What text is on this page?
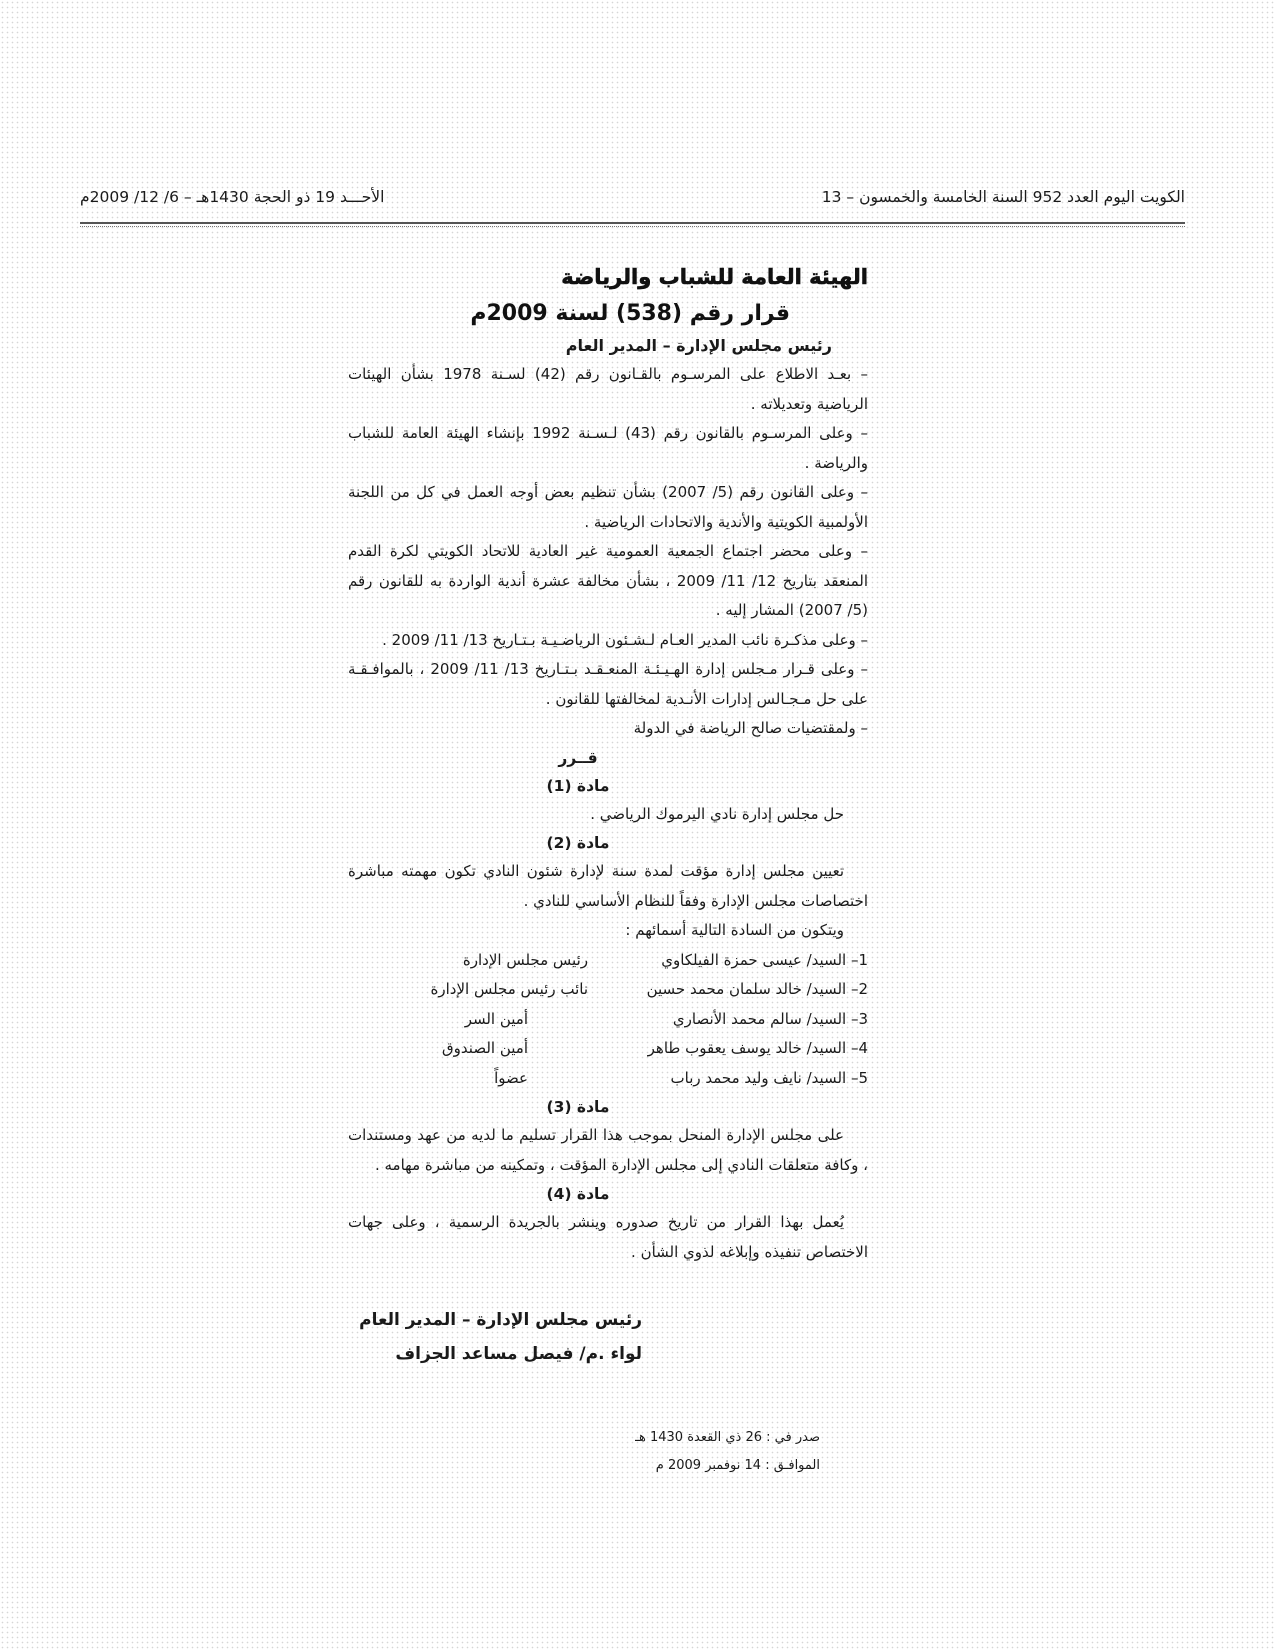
الكويت اليوم العدد 952 السنة الخامسة والخمسون – 13
الأحـــد 19 ذو الحجة 1430هـ – 6/ 12/ 2009م

الهيئة العامة للشباب والرياضة

قرار رقم (538) لسنة 2009م

رئيس مجلس الإدارة – المدير العام

– بعـد الاطلاع على المرسـوم بالقـانون رقم (42) لسـنة 1978 بشأن الهيئات الرياضية وتعديلاته .

– وعلى المرسـوم بالقانون رقم (43) لـسـنة 1992 بإنشاء الهيئة العامة للشباب والرياضة .

– وعلى القانون رقم (5/ 2007) بشأن تنظيم بعض أوجه العمل في كل من اللجنة الأولمبية الكويتية والأندية والاتحادات الرياضية .

– وعلى محضر اجتماع الجمعية العمومية غير العادية للاتحاد الكويتي لكرة القدم المنعقد بتاريخ 12/ 11/ 2009 ، بشأن مخالفة عشرة أندية الواردة به للقانون رقم (5/ 2007) المشار إليه .

– وعلى مذكـرة نائب المدير العـام لـشـئون الرياضـيـة بـتـاريخ 13/ 11/ 2009 .

– وعلى قـرار مـجلس إدارة الهـيـئـة المنعـقـد بـتـاريخ 13/ 11/ 2009 ، بالموافـقـة على حل مـجـالس إدارات الأنـدية لمخالفتها للقانون .

– ولمقتضيات صالح الرياضة في الدولة

قــرر

مادة (1)

حل مجلس إدارة نادي اليرموك الرياضي .

مادة (2)

تعيين مجلس إدارة مؤقت لمدة سنة لإدارة شئون النادي تكون مهمته مباشرة اختصاصات مجلس الإدارة وفقاً للنظام الأساسي للنادي .

ويتكون من السادة التالية أسمائهم :

1– السيد/ عيسى حمزة الفيلكاوي
رئيس مجلس الإدارة
2– السيد/ خالد سلمان محمد حسين
نائب رئيس مجلس الإدارة
3– السيد/ سالم محمد الأنصاري
أمين السر
4– السيد/ خالد يوسف يعقوب طاهر
أمين الصندوق
5– السيد/ نايف وليد محمد رباب
عضواً

مادة (3)

على مجلس الإدارة المنحل بموجب هذا القرار تسليم ما لديه من عهد ومستندات ، وكافة متعلقات النادي إلى مجلس الإدارة المؤقت ، وتمكينه من مباشرة مهامه .

مادة (4)

يُعمل بهذا القرار من تاريخ صدوره وينشر بالجريدة الرسمية ، وعلى جهات الاختصاص تنفيذه وإبلاغه لذوي الشأن .

رئيس مجلس الإدارة – المدير العام
لواء .م/ فيصل مساعد الجزاف
صدر في : 26 ذي القعدة 1430 هـ
الموافـق : 14 نوفمبر 2009 م
